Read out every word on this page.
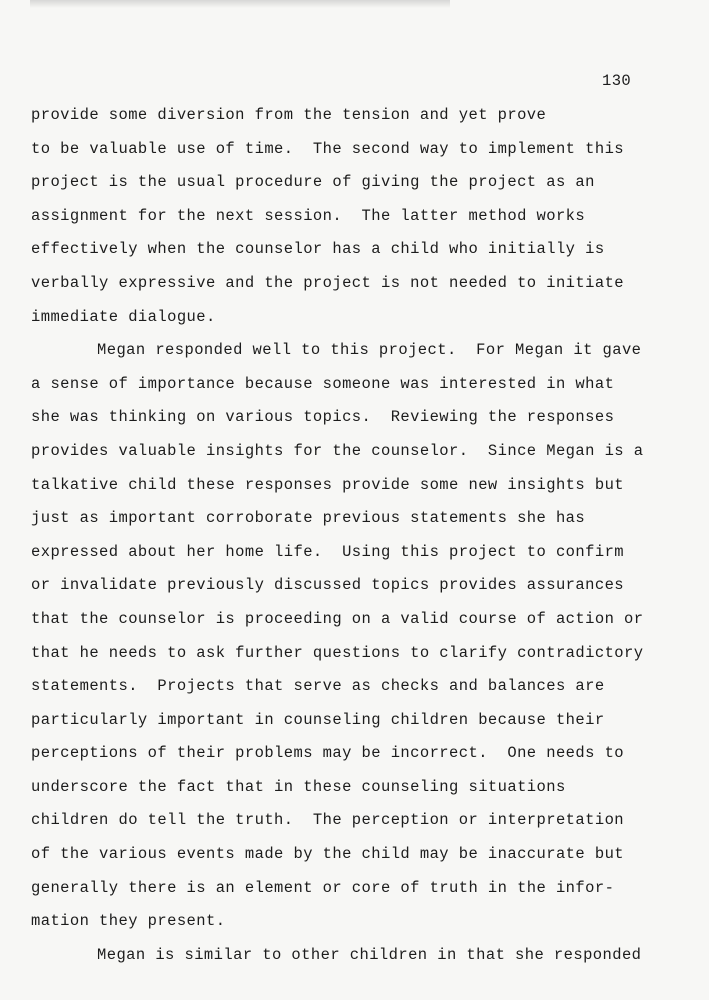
130
provide some diversion from the tension and yet prove
to be valuable use of time.  The second way to implement this
project is the usual procedure of giving the project as an
assignment for the next session.  The latter method works
effectively when the counselor has a child who initially is
verbally expressive and the project is not needed to initiate
immediate dialogue.
Megan responded well to this project.  For Megan it gave
a sense of importance because someone was interested in what
she was thinking on various topics.  Reviewing the responses
provides valuable insights for the counselor.  Since Megan is a
talkative child these responses provide some new insights but
just as important corroborate previous statements she has
expressed about her home life.  Using this project to confirm
or invalidate previously discussed topics provides assurances
that the counselor is proceeding on a valid course of action or
that he needs to ask further questions to clarify contradictory
statements.  Projects that serve as checks and balances are
particularly important in counseling children because their
perceptions of their problems may be incorrect.  One needs to
underscore the fact that in these counseling situations
children do tell the truth.  The perception or interpretation
of the various events made by the child may be inaccurate but
generally there is an element or core of truth in the infor-
mation they present.
Megan is similar to other children in that she responded
